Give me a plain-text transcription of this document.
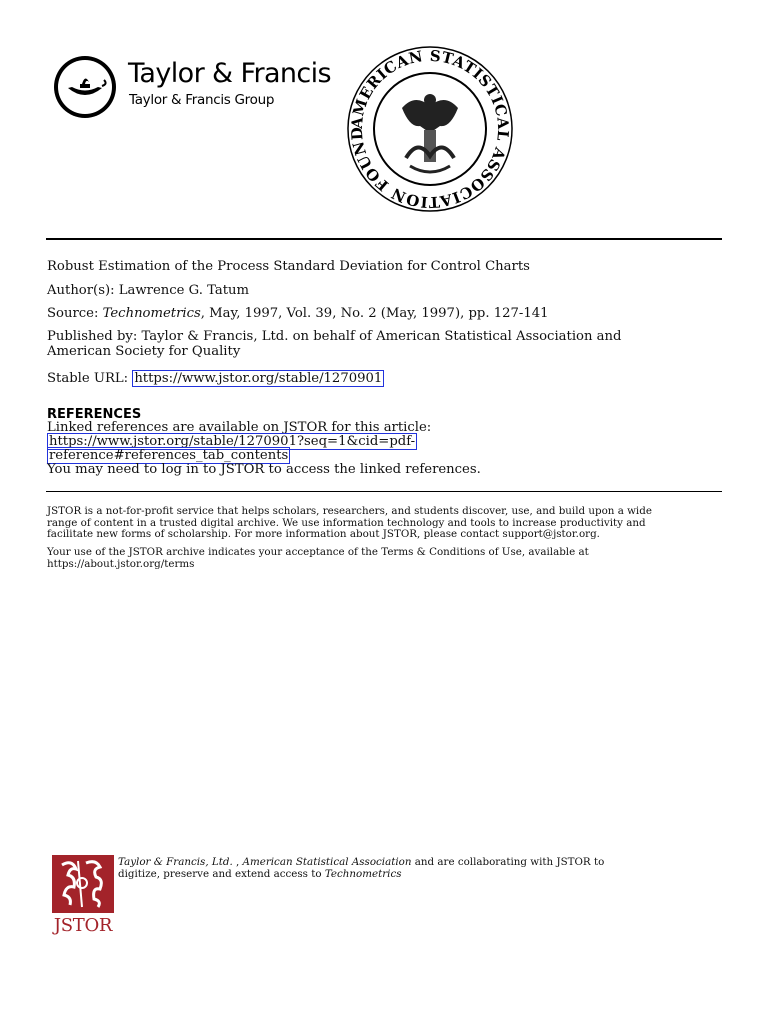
Taylor & Francis
Taylor & Francis Group
AMERICAN STATISTICAL ASSOCIATION FOUND
Robust Estimation of the Process Standard Deviation for Control Charts
Author(s): Lawrence G. Tatum
Source: Technometrics, May, 1997, Vol. 39, No. 2 (May, 1997), pp. 127-141
Published by: Taylor & Francis, Ltd. on behalf of American Statistical Association and
American Society for Quality
Stable URL: https://www.jstor.org/stable/1270901
REFERENCES
Linked references are available on JSTOR for this article:
https://www.jstor.org/stable/1270901?seq=1&cid=pdf-
reference#references_tab_contents
You may need to log in to JSTOR to access the linked references.
JSTOR is a not-for-profit service that helps scholars, researchers, and students discover, use, and build upon a wide
range of content in a trusted digital archive. We use information technology and tools to increase productivity and
facilitate new forms of scholarship. For more information about JSTOR, please contact support@jstor.org.
Your use of the JSTOR archive indicates your acceptance of the Terms & Conditions of Use, available at
https://about.jstor.org/terms
JSTOR
Taylor & Francis, Ltd. , American Statistical Association and are collaborating with JSTOR to
digitize, preserve and extend access to Technometrics
